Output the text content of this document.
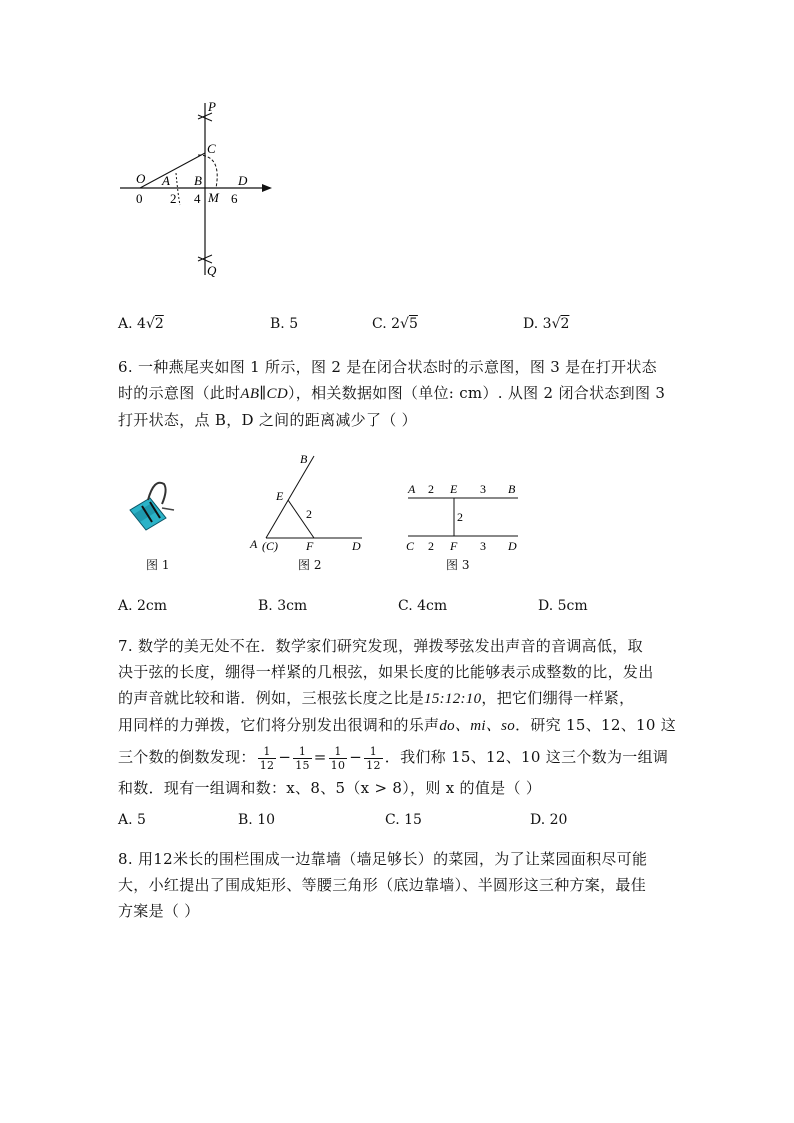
P
C
O A B	D
M
Q
0 2 4 6
A. 4√2	B. 5	C. 2√5	D. 3√2
6. 一种燕尾夹如图 1 所示，图 2 是在闭合状态时的示意图，图 3 是在打开状态
时的示意图（此时AB∥CD），相关数据如图（单位: cm）. 从图 2 闭合状态到图 3
打开状态，点 B，D 之间的距离减少了（ ）
图 1
B
E
2
A (C) F	D
图 2
A 2 E 3 B
2
C 2 F 3 D
图 3
A. 2cm	B. 3cm	C. 4cm	D. 5cm
7. 数学的美无处不在．数学家们研究发现，弹拨琴弦发出声音的音调高低，取
决于弦的长度，绷得一样紧的几根弦，如果长度的比能够表示成整数的比，发出
的声音就比较和谐．例如，三根弦长度之比是15:12:10，把它们绷得一样紧，
用同样的力弹拨，它们将分别发出很调和的乐声do、mi、so．研究 15、12、10 这
三个数的倒数发现： $\frac{1}{12} - \frac{1}{15} = \frac{1}{10} - \frac{1}{12}$ ．我们称 15、12、10 这三个数为一组调
和数．现有一组调和数：x、8、5（x > 8），则 x 的值是（ ）
A. 5	B. 10	C. 15	D. 20
8. 用12米长的围栏围成一边靠墙（墙足够长）的菜园，为了让菜园面积尽可能
大，小红提出了围成矩形、等腰三角形（底边靠墙）、半圆形这三种方案，最佳
方案是（ ）
